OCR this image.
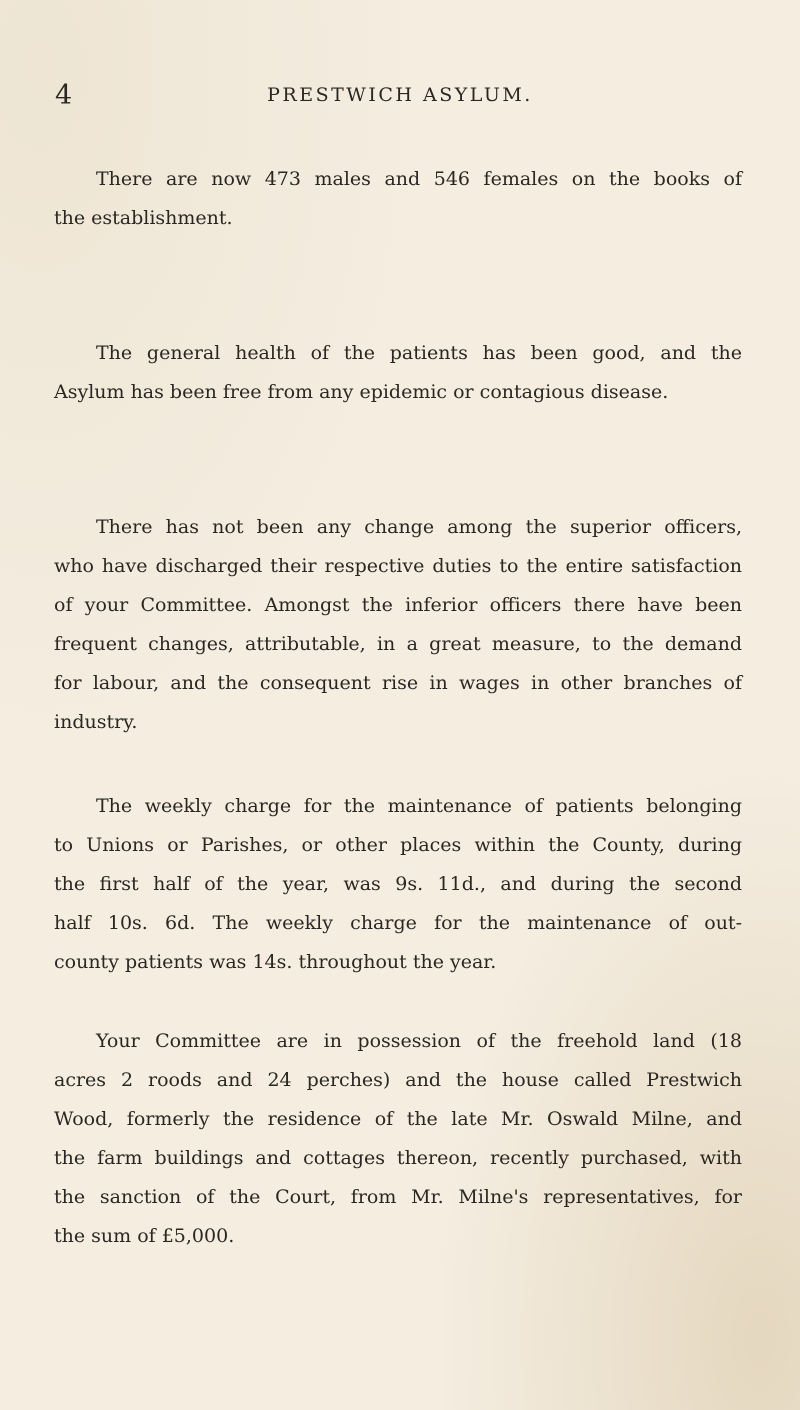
4	PRESTWICH ASYLUM.

There are now 473 males and 546 females on the books of
the establishment.

The general health of the patients has been good, and the
Asylum has been free from any epidemic or contagious disease.

There has not been any change among the superior officers,
who have discharged their respective duties to the entire satisfaction
of your Committee. Amongst the inferior officers there have been
frequent changes, attributable, in a great measure, to the demand
for labour, and the consequent rise in wages in other branches of
industry.

The weekly charge for the maintenance of patients belonging
to Unions or Parishes, or other places within the County, during
the first half of the year, was 9s. 11d., and during the second
half 10s. 6d. The weekly charge for the maintenance of out-
county patients was 14s. throughout the year.

Your Committee are in possession of the freehold land (18
acres 2 roods and 24 perches) and the house called Prestwich
Wood, formerly the residence of the late Mr. Oswald Milne, and
the farm buildings and cottages thereon, recently purchased, with
the sanction of the Court, from Mr. Milne's representatives, for
the sum of £5,000.
